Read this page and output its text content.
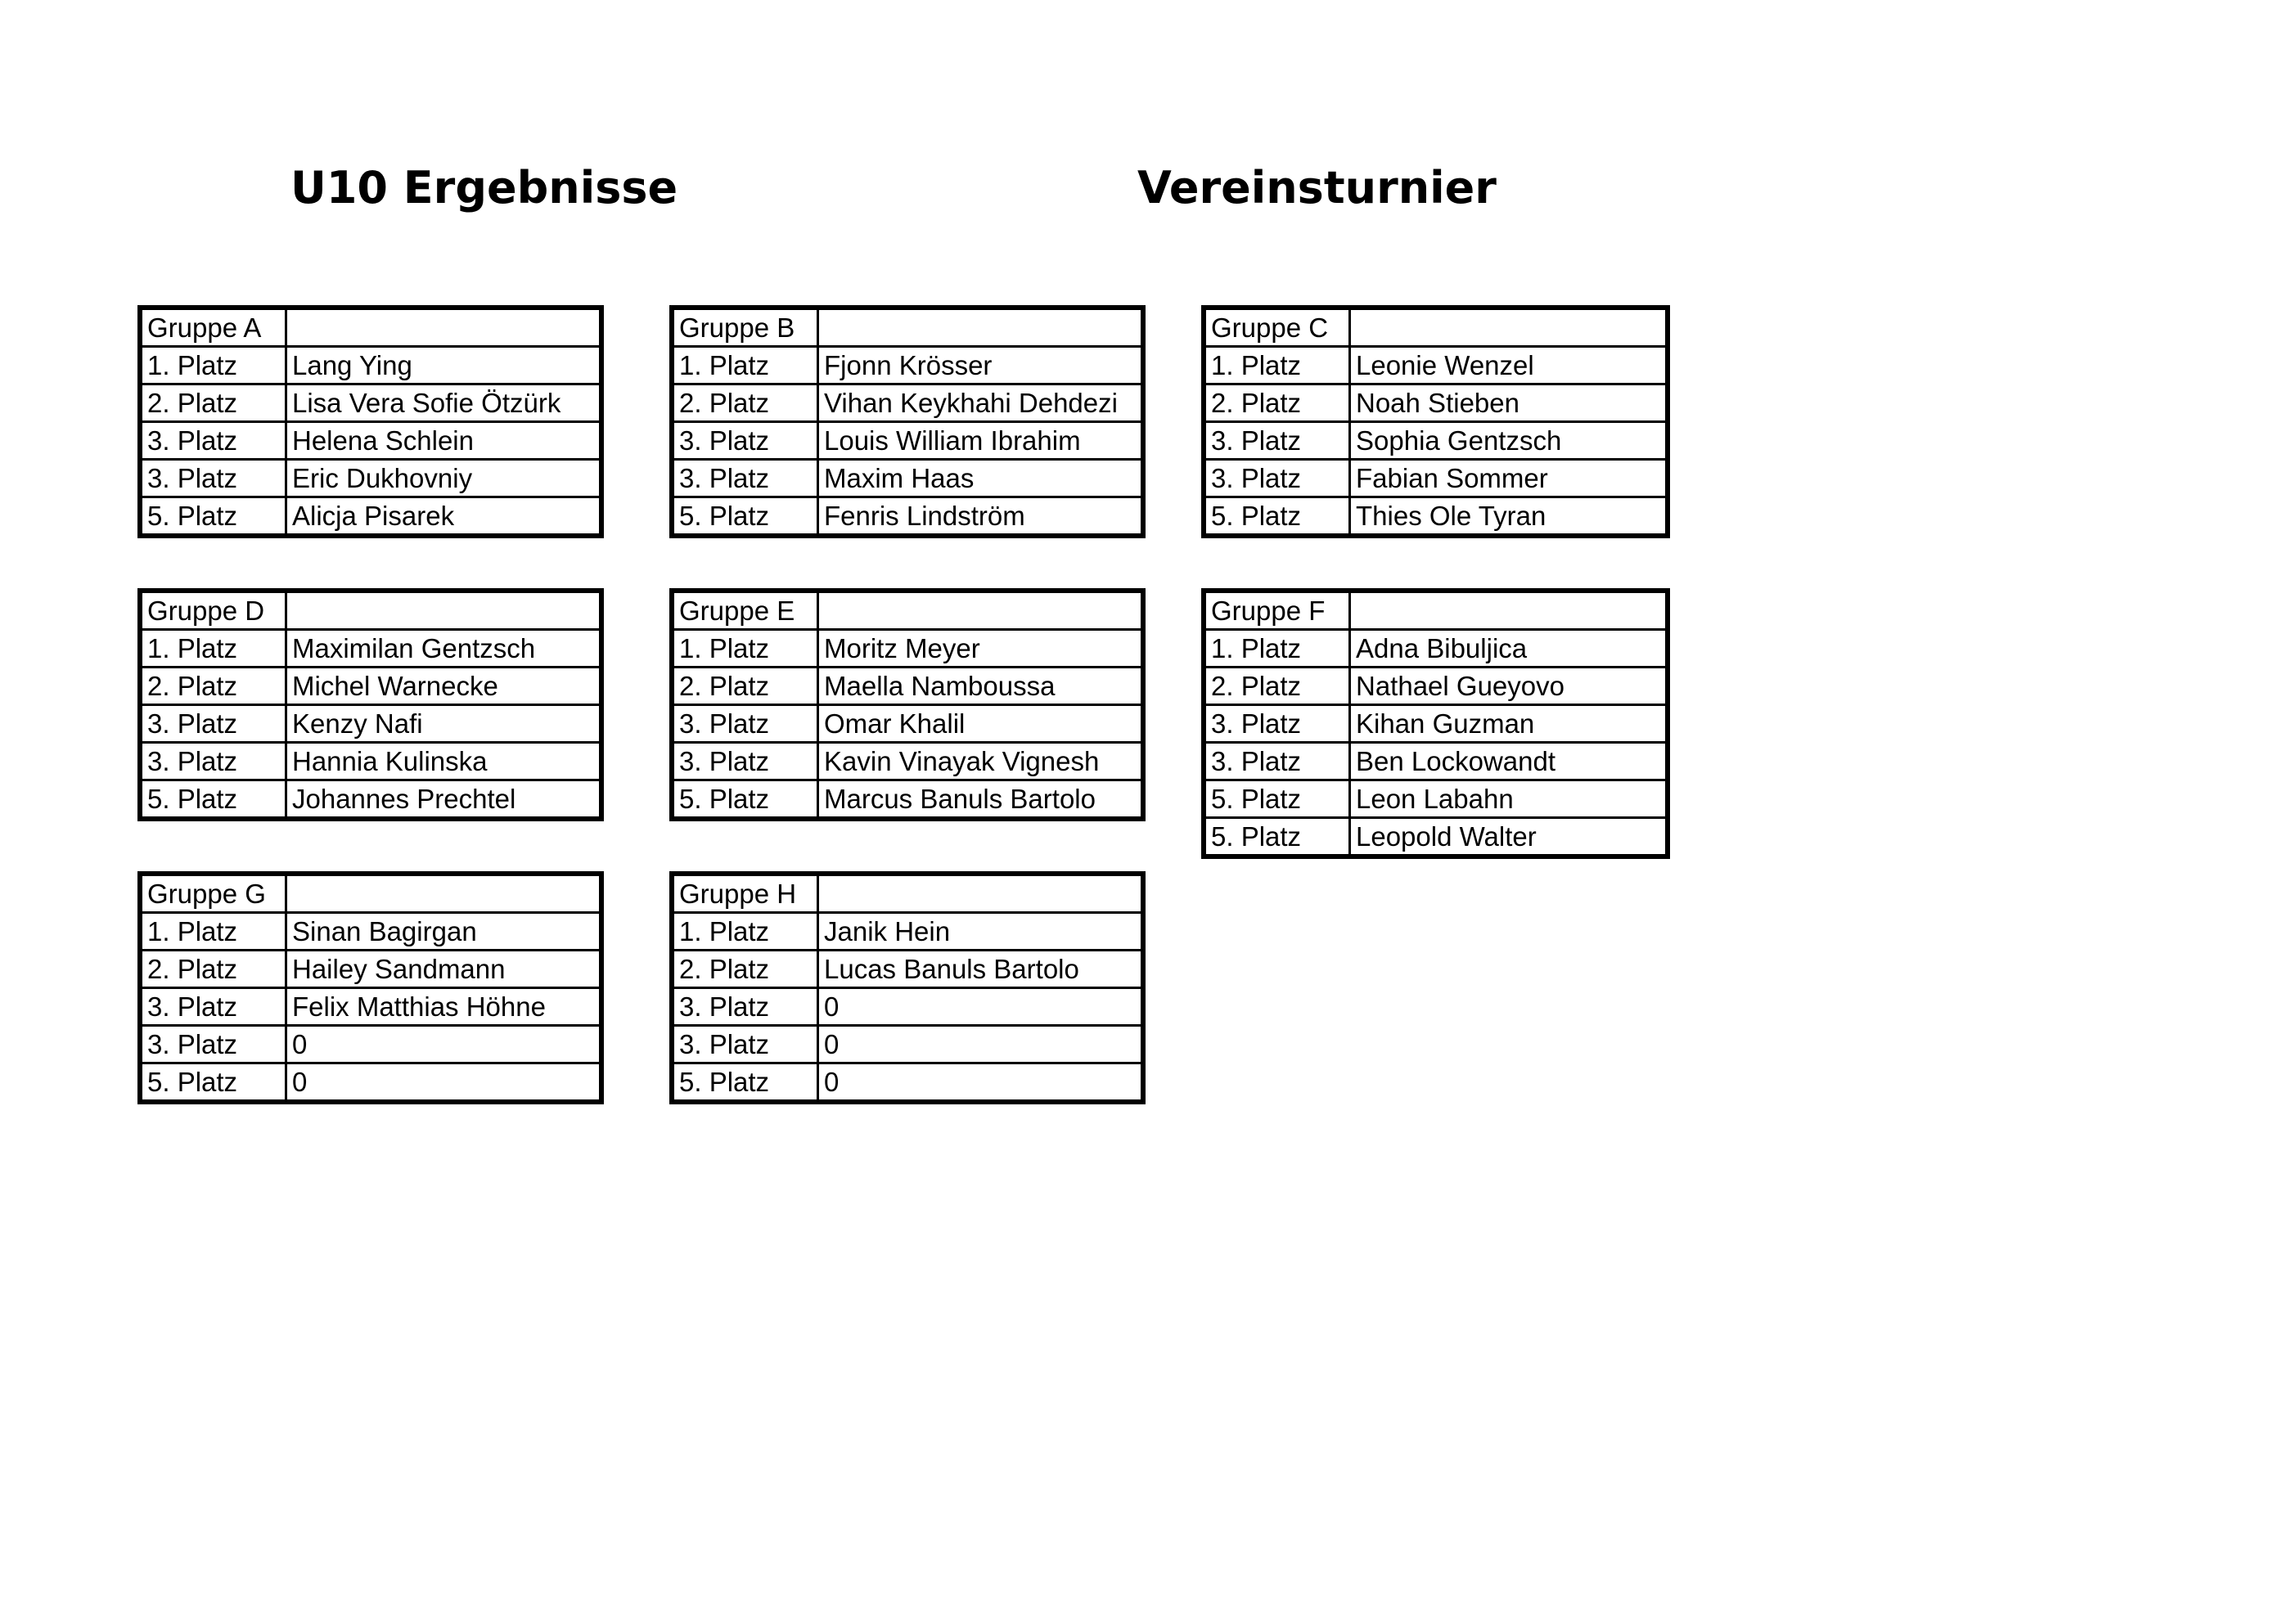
U10 Ergebnisse	Vereinsturnier
Gruppe A	
1. Platz	Lang Ying
2. Platz	Lisa Vera Sofie Ötzürk
3. Platz	Helena Schlein
3. Platz	Eric Dukhovniy
5. Platz	Alicja Pisarek
Gruppe B	
1. Platz	Fjonn Krösser
2. Platz	Vihan Keykhahi Dehdezi
3. Platz	Louis William Ibrahim
3. Platz	Maxim Haas
5. Platz	Fenris Lindström
Gruppe C	
1. Platz	Leonie Wenzel
2. Platz	Noah Stieben
3. Platz	Sophia Gentzsch
3. Platz	Fabian Sommer
5. Platz	Thies Ole Tyran
Gruppe D	
1. Platz	Maximilan Gentzsch
2. Platz	Michel Warnecke
3. Platz	Kenzy Nafi
3. Platz	Hannia Kulinska
5. Platz	Johannes Prechtel
Gruppe E	
1. Platz	Moritz Meyer
2. Platz	Maella Namboussa
3. Platz	Omar Khalil
3. Platz	Kavin Vinayak Vignesh
5. Platz	Marcus Banuls Bartolo
Gruppe F	
1. Platz	Adna Bibuljica
2. Platz	Nathael Gueyovo
3. Platz	Kihan Guzman
3. Platz	Ben Lockowandt
5. Platz	Leon Labahn
5. Platz	Leopold Walter
Gruppe G	
1. Platz	Sinan Bagirgan
2. Platz	Hailey Sandmann
3. Platz	Felix Matthias Höhne
3. Platz	0
5. Platz	0
Gruppe H	
1. Platz	Janik Hein
2. Platz	Lucas Banuls Bartolo
3. Platz	0
3. Platz	0
5. Platz	0
